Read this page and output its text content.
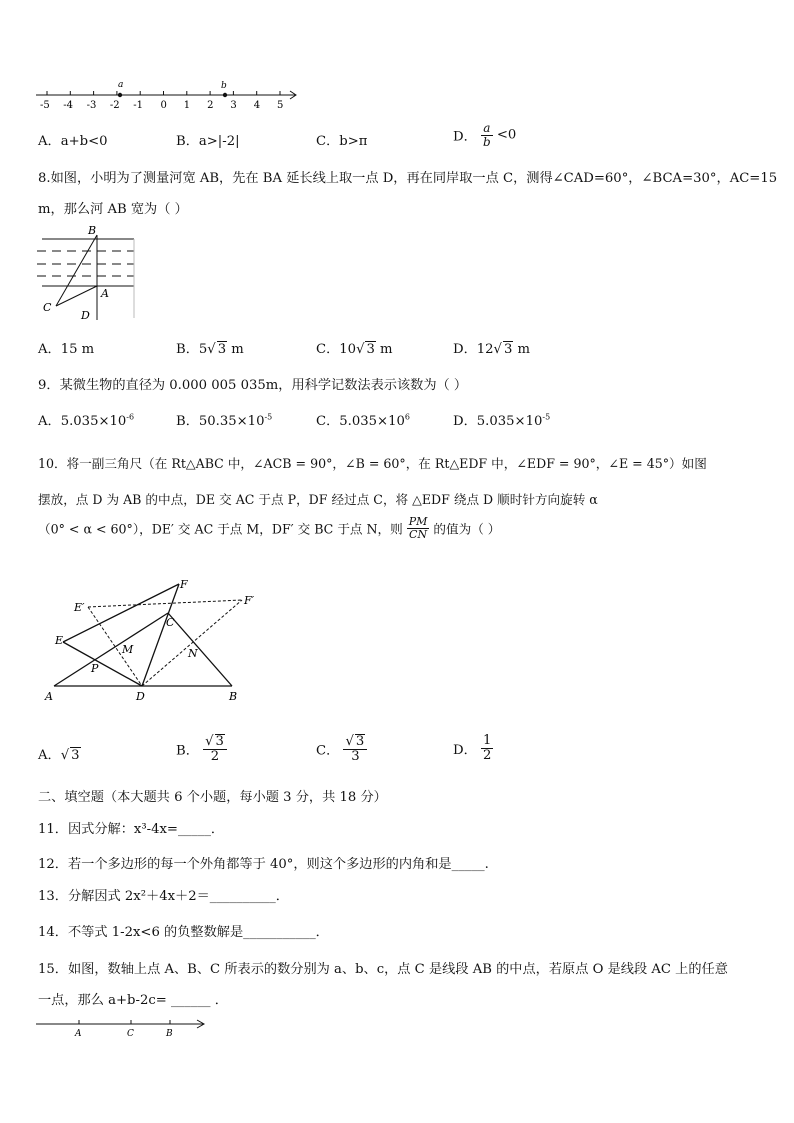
-5 -4 -3 -2 -1 0 1 2 3 4 5
a	b
A．a+b<0	B．a>|-2|	C．b>π	D． $\frac{a}{b} <0$
8.如图，小明为了测量河宽 AB，先在 BA 延长线上取一点 D，再在同岸取一点 C，测得∠CAD=60°，∠BCA=30°，AC=15
m，那么河 AB 宽为（ ）
B
A
C
D
A．15 m	B．5√ 3 m	C．10√ 3 m	D．12√ 3 m
9．某微生物的直径为 0.000 005 035m，用科学记数法表示该数为（ ）
A．$5.035\times 10^{-6}$	B．$50.35\times 10^{-5}$	C．$5.035\times 10^6$	D．$5.035\times 10^{-5}$
10．将一副三角尺（在 Rt△ABC 中，∠ACB = 90°，∠B = 60°，在 Rt△EDF 中，∠EDF = 90°，∠E = 45°）如图
摆放，点 D 为 AB 的中点，DE 交 AC 于点 P，DF 经过点 C，将 △EDF 绕点 D 顺时针方向旋转 α
（0° < α < 60°），DE′ 交 AC 于点 M，DF′ 交 BC 于点 N，则 $\frac{PM}{CN}$ 的值为（ ）
F
E′
F′
C
E
M	N
P
A	D	B
A．√ 3	B． $\frac{√ 3}{2}$	C． $\frac{√ 3}{3}$	D． $\frac{1}{2}$
二、填空题（本大题共 6 个小题，每小题 3 分，共 18 分）
11．因式分解：x³-4x=_____．
12．若一个多边形的每一个外角都等于 40°，则这个多边形的内角和是_____.
13．分解因式 2x²＋4x＋2＝__________．
14．不等式 1-2x<6 的负整数解是___________．
15．如图，数轴上点 A、B、C 所表示的数分别为 a、b、c，点 C 是线段 AB 的中点，若原点 O 是线段 AC 上的任意
一点，那么 a+b-2c= ______ ．
A	C	B
